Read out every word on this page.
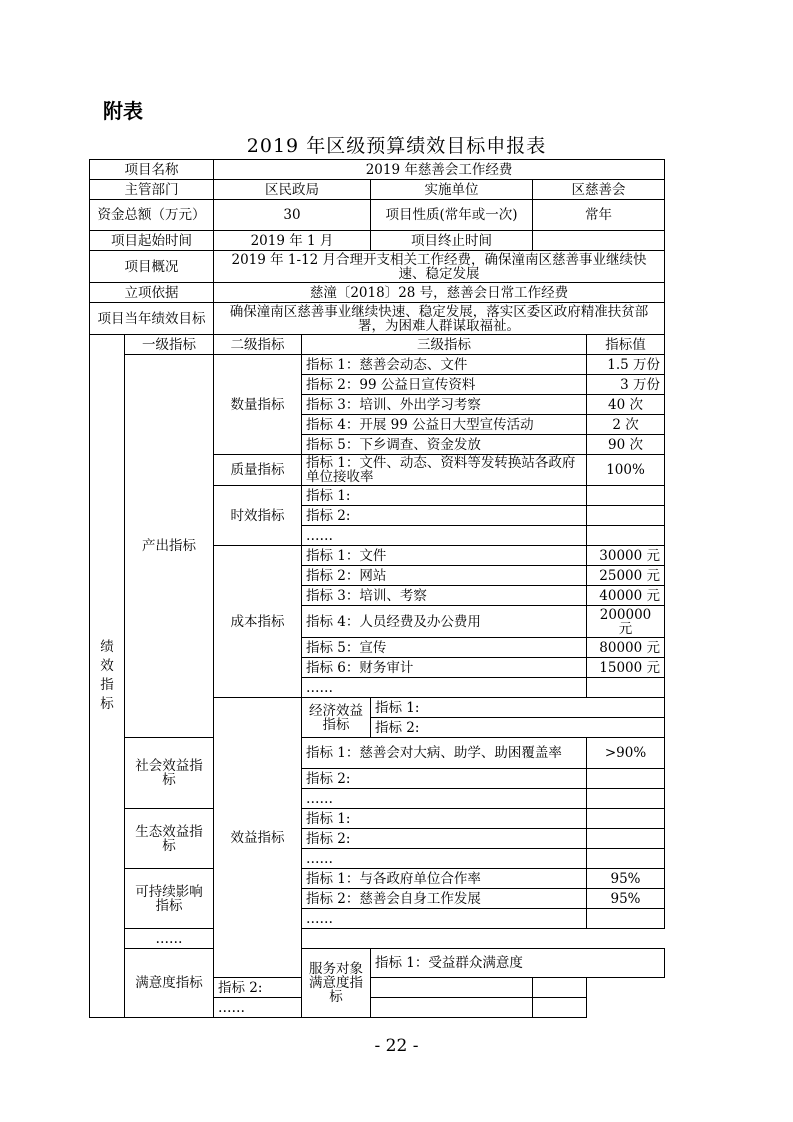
附表
2019 年区级预算绩效目标申报表
项目名称		2019 年慈善会工作经费					
主管部门		区民政局		实施单位	区慈善会		
资金总额（万元）		30		项目性质(常年或一次)	常年		
项目起始时间		2019 年 1 月		项目终止时间			
项目概况		2019 年 1-12 月合理开支相关工作经费，确保潼南区慈善事业继续快速、稳定发展					
立项依据		慈潼〔2018〕28 号，慈善会日常工作经费					
项目当年绩效目标		确保潼南区慈善事业继续快速、稳定发展，落实区委区政府精准扶贫部署，为困难人群谋取福祉。					

绩效指标	一级指标	二级指标	三级指标			指标值	
	产出指标	数量指标	指标 1：慈善会动态、文件			1.5 万份	
			指标 2：99 公益日宣传资料			3 万份	
			指标 3：培训、外出学习考察			40 次	
			指标 4：开展 99 公益日大型宣传活动			2 次	
			指标 5：下乡调查、资金发放			90 次	
		质量指标	指标 1：文件、动态、资料等发转换站各政府单位接收率			100%	
		时效指标	指标 1:				
			指标 2:				
			……				
		成本指标	指标 1：文件			30000 元	
			指标 2：网站			25000 元	
			指标 3：培训、考察			40000 元	
			指标 4：人员经费及办公费用			200000 元	
			指标 5：宣传			80000 元	
			指标 6：财务审计			15000 元	
			……				
		效益指标	经济效益指标	指标 1:			
				指标 2:			
	社会效益指标		指标 1：慈善会对大病、助学、助困覆盖率			>90%	
			指标 2:				
			……				
	生态效益指标		指标 1:				
			指标 2:				
			……				
	可持续影响指标		指标 1：与各政府单位合作率			95%	
			指标 2：慈善会自身工作发展			95%	
			……				
	……						
	满意度指标		服务对象满意度指标	指标 1：受益群众满意度	
		指标 2:					
		……					
- 22 -
